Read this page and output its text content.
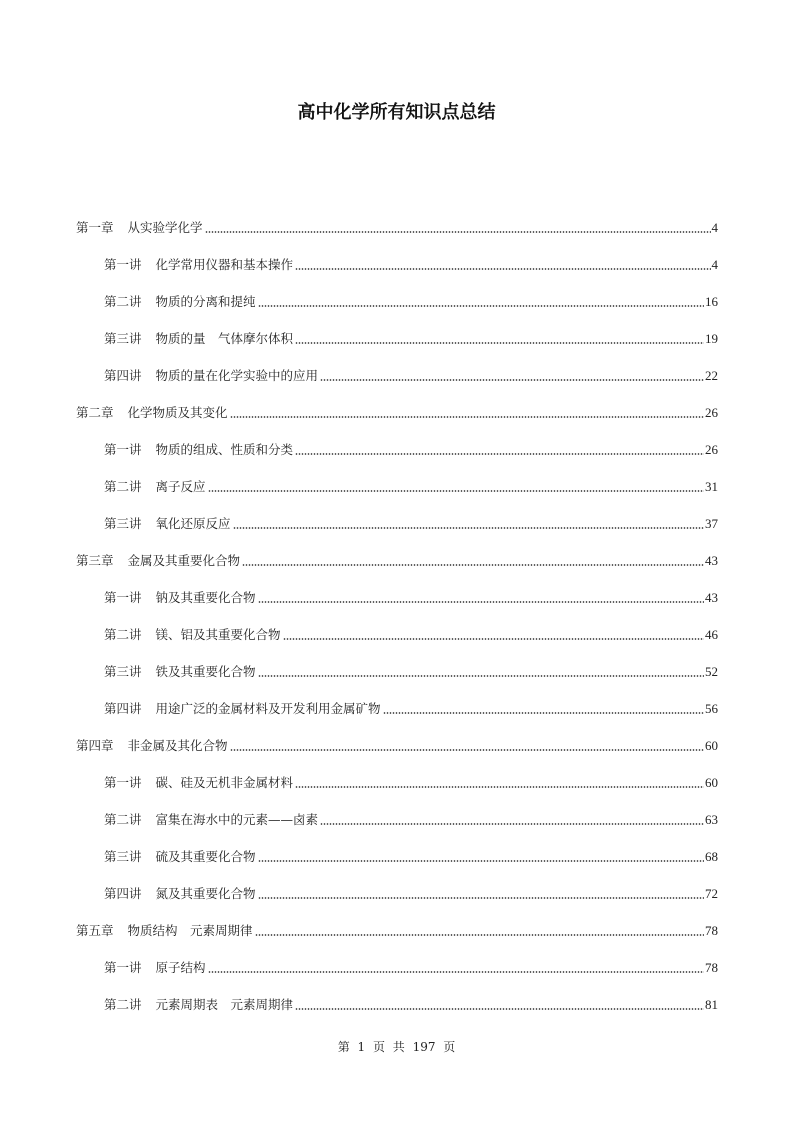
高中化学所有知识点总结
第一章 从实验学化学	4
第一讲 化学常用仪器和基本操作	4
第二讲 物质的分离和提纯	16
第三讲 物质的量　气体摩尔体积	19
第四讲 物质的量在化学实验中的应用	22
第二章 化学物质及其变化	26
第一讲 物质的组成、性质和分类	26
第二讲 离子反应	31
第三讲 氧化还原反应	37
第三章 金属及其重要化合物	43
第一讲 钠及其重要化合物	43
第二讲 镁、铝及其重要化合物	46
第三讲 铁及其重要化合物	52
第四讲 用途广泛的金属材料及开发利用金属矿物	56
第四章 非金属及其化合物	60
第一讲 碳、硅及无机非金属材料	60
第二讲 富集在海水中的元素——卤素	63
第三讲 硫及其重要化合物	68
第四讲 氮及其重要化合物	72
第五章 物质结构　元素周期律	78
第一讲 原子结构	78
第二讲 元素周期表　元素周期律	81
第 1 页 共 197 页
